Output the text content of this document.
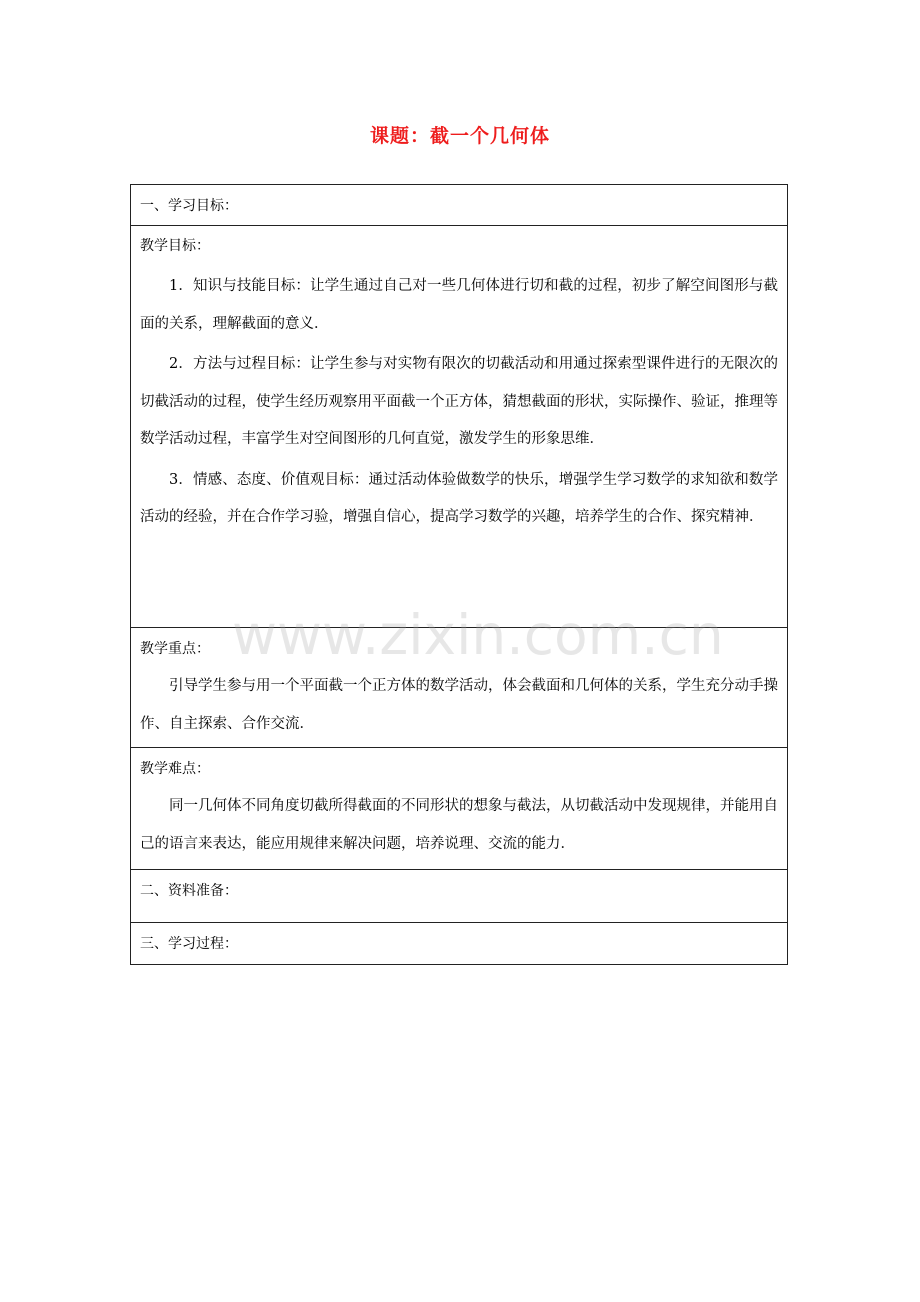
课题：截一个几何体
一、学习目标：
教学目标：

1．知识与技能目标：让学生通过自己对一些几何体进行切和截的过程，初步了解空间图形与截面的关系，理解截面的意义．

2．方法与过程目标：让学生参与对实物有限次的切截活动和用通过探索型课件进行的无限次的切截活动的过程，使学生经历观察用平面截一个正方体，猜想截面的形状，实际操作、验证，推理等数学活动过程，丰富学生对空间图形的几何直觉，激发学生的形象思维．

3．情感、态度、价值观目标：通过活动体验做数学的快乐，增强学生学习数学的求知欲和数学活动的经验，并在合作学习验，增强自信心，提高学习数学的兴趣，培养学生的合作、探究精神．

教学重点：

引导学生参与用一个平面截一个正方体的数学活动，体会截面和几何体的关系，学生充分动手操作、自主探索、合作交流．

教学难点：

同一几何体不同角度切截所得截面的不同形状的想象与截法，从切截活动中发现规律，并能用自己的语言来表达，能应用规律来解决问题，培养说理、交流的能力．

二、资料准备：
三、学习过程：
www.zixin.com.cn
